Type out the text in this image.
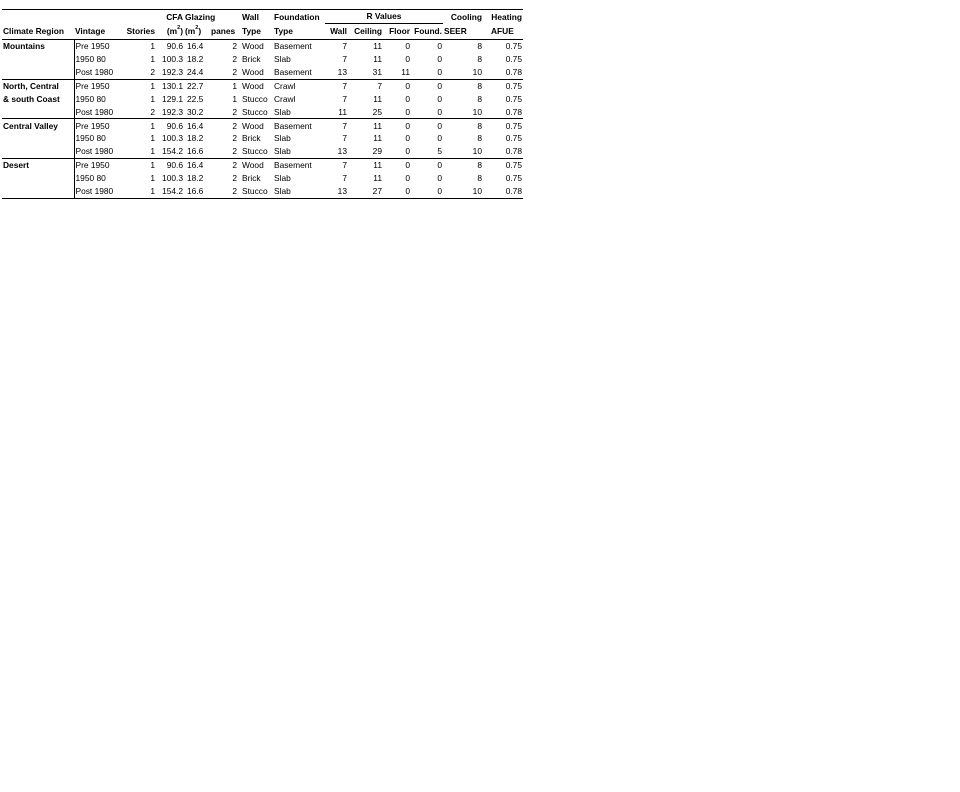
			CFA	Glazing		Wall	Foundation	R Values				Cooling	Heating
Climate Region	Vintage	Stories	$(m^2)$	$(m^2)$	panes	Type	Type	Wall	Ceiling	Floor	Found.	SEER	AFUE
Mountains	Pre 1950	1	90.6	16.4	2	Wood	Basement	7	11	0	0	8	0.75
	1950 80	1	100.3	18.2	2	Brick	Slab	7	11	0	0	8	0.75
	Post 1980	2	192.3	24.4	2	Wood	Basement	13	31	11	0	10	0.78
North, Central	Pre 1950	1	130.1	22.7	1	Wood	Crawl	7	7	0	0	8	0.75
& south Coast	1950 80	1	129.1	22.5	1	Stucco	Crawl	7	11	0	0	8	0.75
	Post 1980	2	192.3	30.2	2	Stucco	Slab	11	25	0	0	10	0.78
Central Valley	Pre 1950	1	90.6	16.4	2	Wood	Basement	7	11	0	0	8	0.75
	1950 80	1	100.3	18.2	2	Brick	Slab	7	11	0	0	8	0.75
	Post 1980	1	154.2	16.6	2	Stucco	Slab	13	29	0	5	10	0.78
Desert	Pre 1950	1	90.6	16.4	2	Wood	Basement	7	11	0	0	8	0.75
	1950 80	1	100.3	18.2	2	Brick	Slab	7	11	0	0	8	0.75
	Post 1980	1	154.2	16.6	2	Stucco	Slab	13	27	0	0	10	0.78
